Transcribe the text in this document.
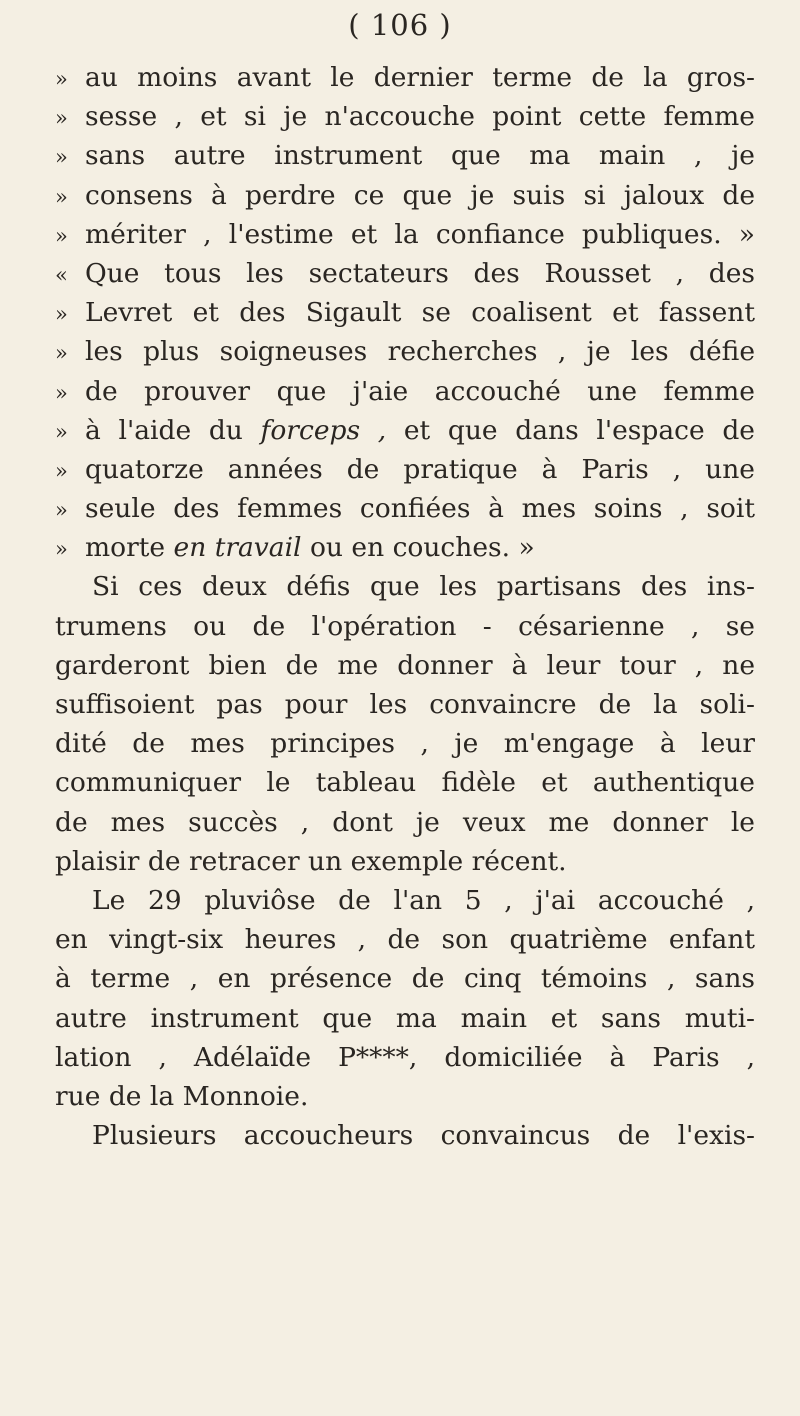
( 106 )
» au moins avant le dernier terme de la gros-
» sesse , et si je n'accouche point cette femme
» sans autre instrument que ma main , je
» consens à perdre ce que je suis si jaloux de
» mériter , l'estime et la confiance publiques. »
« Que tous les sectateurs des Rousset , des
» Levret et des Sigault se coalisent et fassent
» les plus soigneuses recherches , je les défie
» de prouver que j'aie accouché une femme
» à l'aide du forceps , et que dans l'espace de
» quatorze années de pratique à Paris , une
» seule des femmes confiées à mes soins , soit
» morte en travail ou en couches. »
Si ces deux défis que les partisans des ins-
trumens ou de l'opération - césarienne , se
garderont bien de me donner à leur tour , ne
suffisoient pas pour les convaincre de la soli-
dité de mes principes , je m'engage à leur
communiquer le tableau fidèle et authentique
de mes succès , dont je veux me donner le
plaisir de retracer un exemple récent.
Le 29 pluviôse de l'an 5 , j'ai accouché ,
en vingt-six heures , de son quatrième enfant
à terme , en présence de cinq témoins , sans
autre instrument que ma main et sans muti-
lation , Adélaïde P****, domiciliée à Paris ,
rue de la Monnoie.
Plusieurs accoucheurs convaincus de l'exis-
